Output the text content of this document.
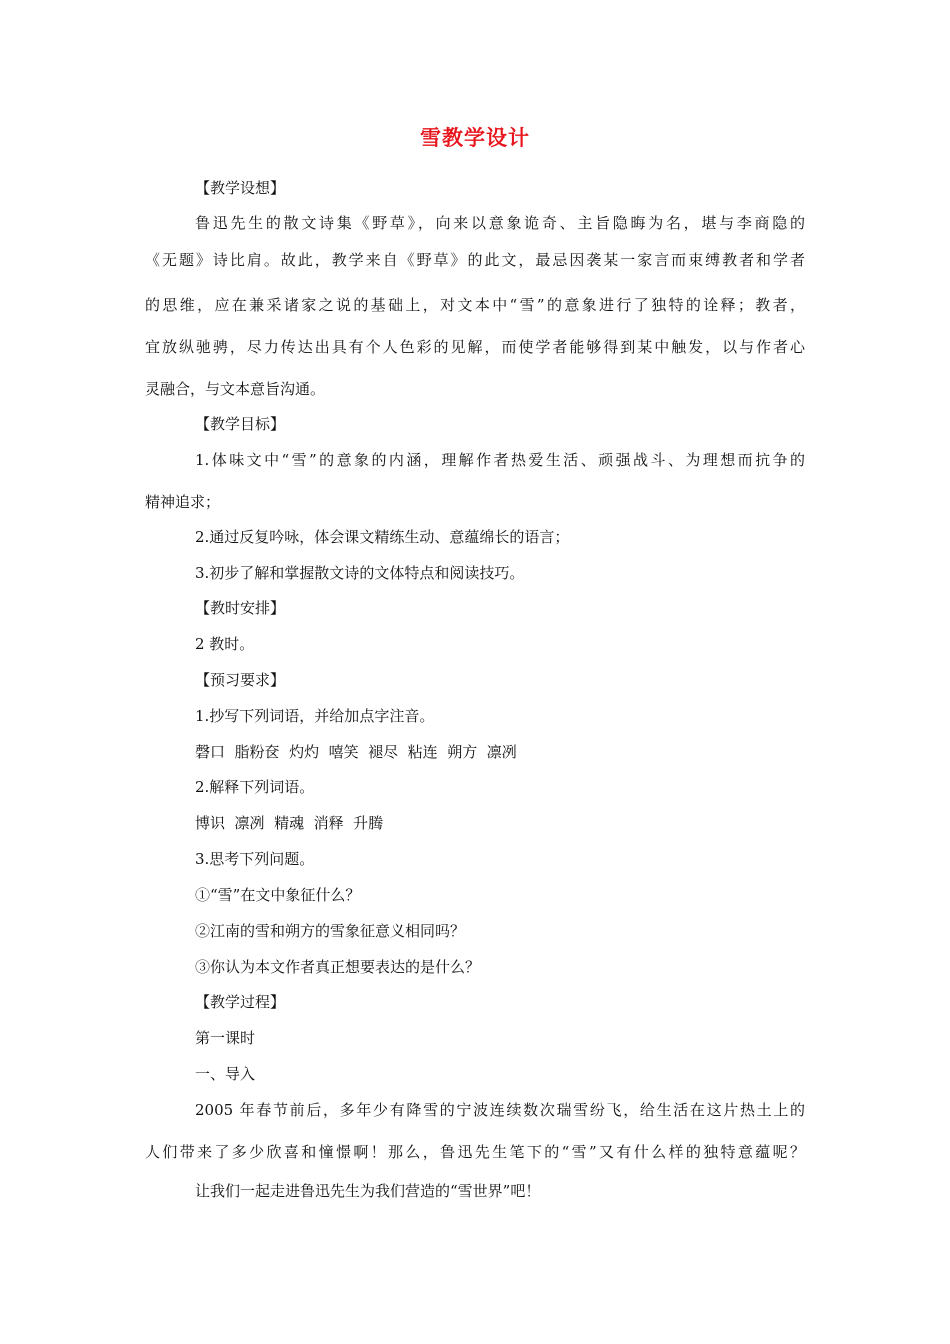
雪教学设计
【教学设想】
鲁迅先生的散文诗集《野草》，向来以意象诡奇、主旨隐晦为名，堪与李商隐的
《无题》诗比肩。故此，教学来自《野草》的此文，最忌因袭某一家言而束缚教者和学者
的思维，应在兼采诸家之说的基础上，对文本中“雪”的意象进行了独特的诠释；教者，
宜放纵驰骋，尽力传达出具有个人色彩的见解，而使学者能够得到某中触发，以与作者心
灵融合，与文本意旨沟通。
【教学目标】
1.体味文中“雪”的意象的内涵，理解作者热爱生活、顽强战斗、为理想而抗争的
精神追求；
2.通过反复吟咏，体会课文精练生动、意蕴绵长的语言；
3.初步了解和掌握散文诗的文体特点和阅读技巧。
【教时安排】
2 教时。
【预习要求】
1.抄写下列词语，并给加点字注音。
磬口  脂粉奁  灼灼  嘻笑  褪尽  粘连  朔方  凛冽
2.解释下列词语。
博识  凛冽  精魂  消释  升腾
3.思考下列问题。
①“雪”在文中象征什么？
②江南的雪和朔方的雪象征意义相同吗？
③你认为本文作者真正想要表达的是什么？
【教学过程】
第一课时
一、导入
2005 年春节前后，多年少有降雪的宁波连续数次瑞雪纷飞，给生活在这片热土上的
人们带来了多少欣喜和憧憬啊！那么，鲁迅先生笔下的“雪”又有什么样的独特意蕴呢？
让我们一起走进鲁迅先生为我们营造的“雪世界”吧！
